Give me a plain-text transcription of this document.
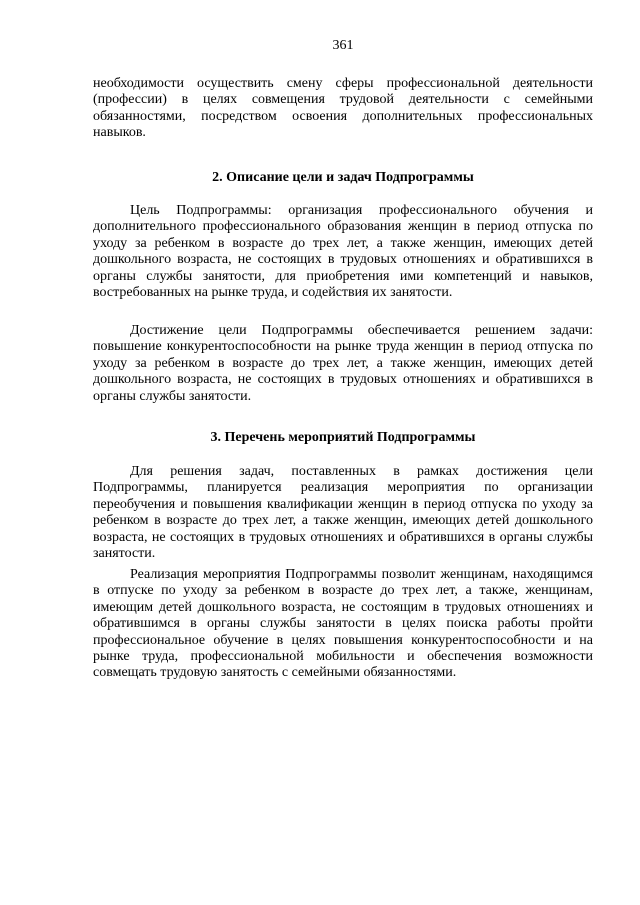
361

необходимости осуществить смену сферы профессиональной деятельности (профессии) в целях совмещения трудовой деятельности с семейными обязанностями, посредством освоения дополнительных профессиональных навыков.

2. Описание цели и задач Подпрограммы

Цель Подпрограммы: организация профессионального обучения и дополнительного профессионального образования женщин в период отпуска по уходу за ребенком в возрасте до трех лет, а также женщин, имеющих детей дошкольного возраста, не состоящих в трудовых отношениях и обратившихся в органы службы занятости, для приобретения ими компетенций и навыков, востребованных на рынке труда, и содействия их занятости.

Достижение цели Подпрограммы обеспечивается решением задачи: повышение конкурентоспособности на рынке труда женщин в период отпуска по уходу за ребенком в возрасте до трех лет, а также женщин, имеющих детей дошкольного возраста, не состоящих в трудовых отношениях и обратившихся в органы службы занятости.

3. Перечень мероприятий Подпрограммы

Для решения задач, поставленных в рамках достижения цели Подпрограммы, планируется реализация мероприятия по организации переобучения и повышения квалификации женщин в период отпуска по уходу за ребенком в возрасте до трех лет, а также женщин, имеющих детей дошкольного возраста, не состоящих в трудовых отношениях и обратившихся в органы службы занятости.

Реализация мероприятия Подпрограммы позволит женщинам, находящимся в отпуске по уходу за ребенком в возрасте до трех лет, а также, женщинам, имеющим детей дошкольного возраста, не состоящим в трудовых отношениях и обратившимся в органы службы занятости в целях поиска работы пройти профессиональное обучение в целях повышения конкурентоспособности и на рынке труда, профессиональной мобильности и обеспечения возможности совмещать трудовую занятость с семейными обязанностями.
